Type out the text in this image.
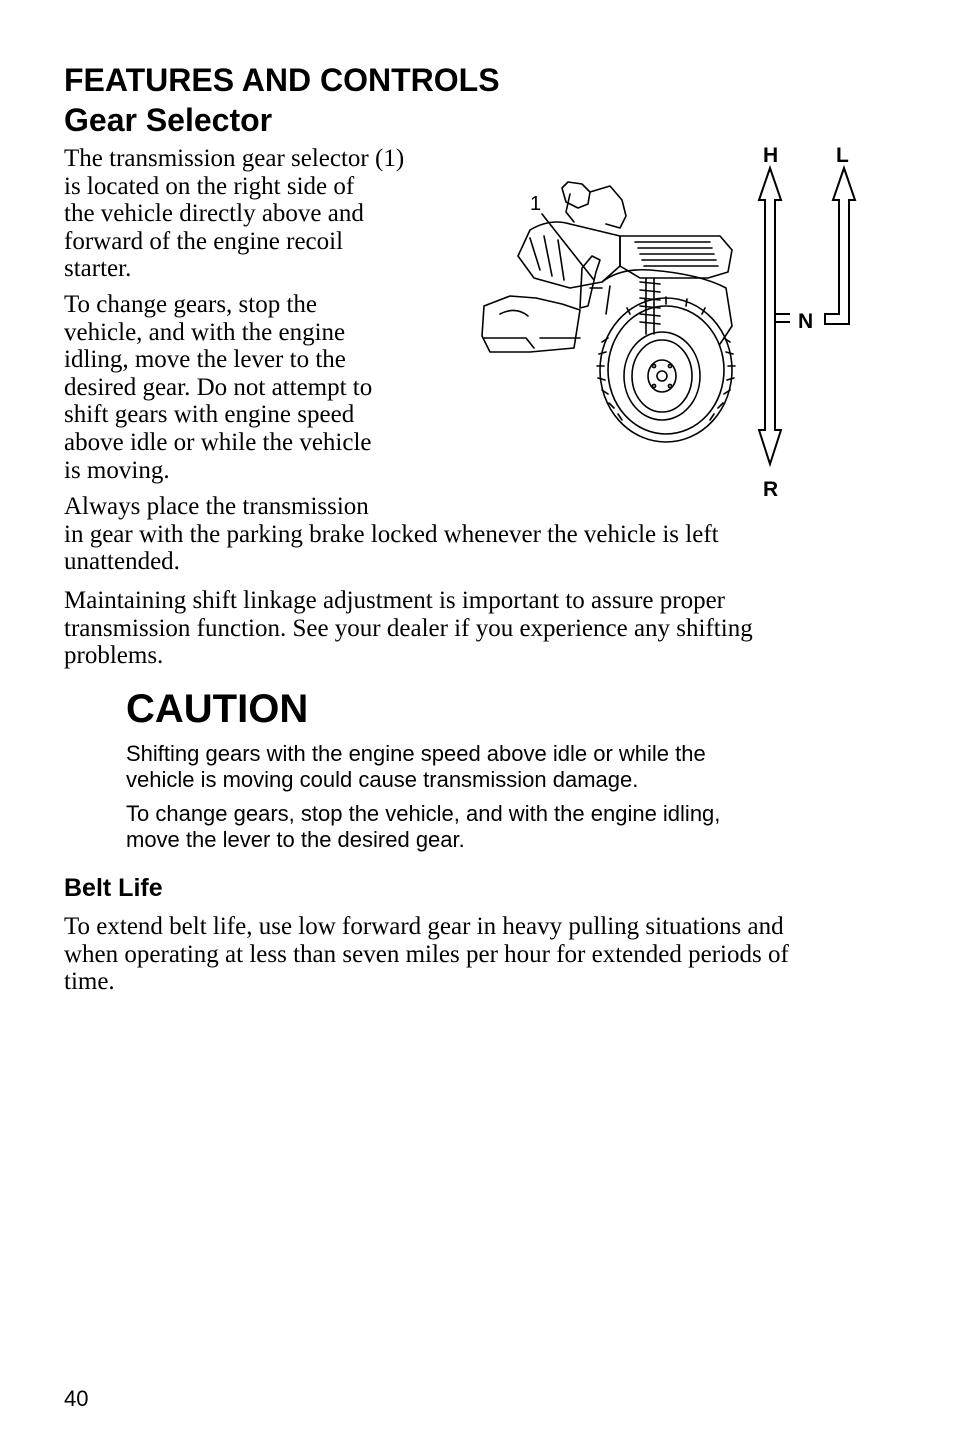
FEATURES AND CONTROLS
Gear Selector

The transmission gear selector (1)
is located on the right side of
the vehicle directly above and
forward of the engine recoil
starter.

To change gears, stop the
vehicle, and with the engine
idling, move the lever to the
desired gear. Do not attempt to
shift gears with engine speed
above idle or while the vehicle
is moving.

Always place the transmission
in gear with the parking brake locked whenever the vehicle is left
unattended.

Maintaining shift linkage adjustment is important to assure proper
transmission function. See your dealer if you experience any shifting
problems.

1
H	L
N
R
CAUTION

Shifting gears with the engine speed above idle or while the
vehicle is moving could cause transmission damage.

To change gears, stop the vehicle, and with the engine idling,
move the lever to the desired gear.

Belt Life

To extend belt life, use low forward gear in heavy pulling situations and
when operating at less than seven miles per hour for extended periods of
time.

40
